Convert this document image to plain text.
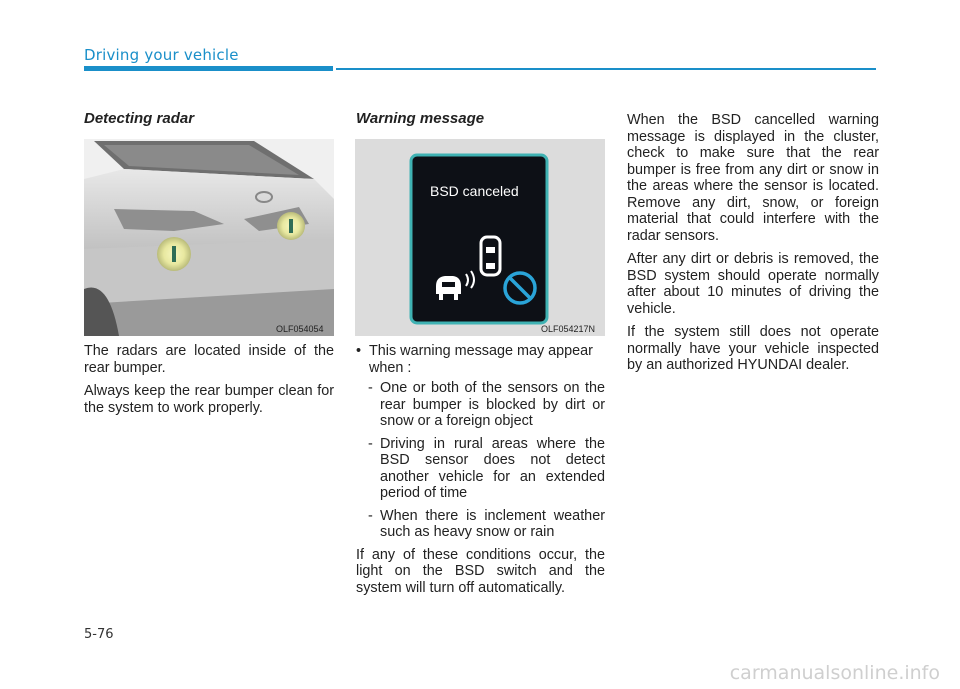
Driving your vehicle
Detecting radar
OLF054054

The radars are located inside of the rear bumper.

Always keep the rear bumper clean for the system to work properly.

Warning message
BSD canceled
OLF054217N
• This warning message may appear when :
- One or both of the sensors on the rear bumper is blocked by dirt or snow or a foreign object
- Driving in rural areas where the BSD sensor does not detect another vehicle for an extended period of time
- When there is inclement weather such as heavy snow or rain

If any of these conditions occur, the light on the BSD switch and the system will turn off automatically.

When the BSD cancelled warning message is displayed in the cluster, check to make sure that the rear bumper is free from any dirt or snow in the areas where the sensor is located. Remove any dirt, snow, or foreign material that could interfere with the radar sensors.

After any dirt or debris is removed, the BSD system should operate normally after about 10 minutes of driving the vehicle.

If the system still does not operate normally have your vehicle inspected by an authorized HYUNDAI dealer.

5-76
carmanualsonline.info
